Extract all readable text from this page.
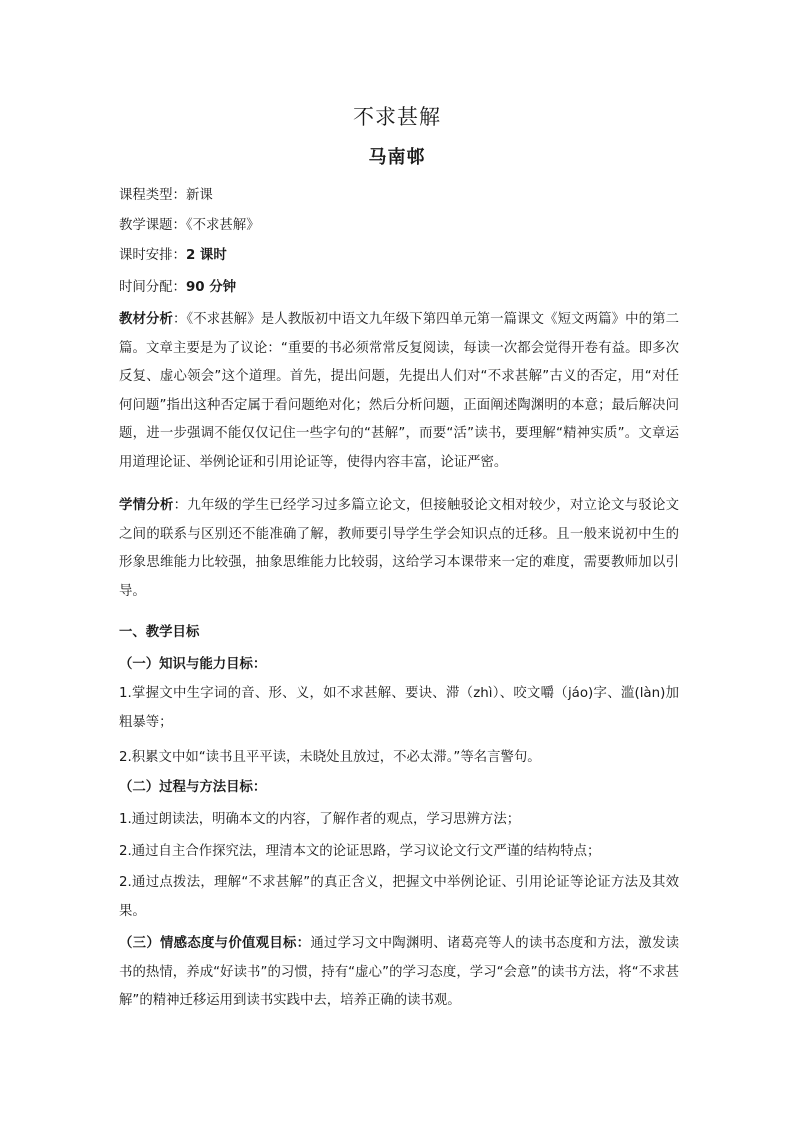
不求甚解
马南邨
课程类型：新课
教学课题：《不求甚解》
课时安排：2 课时
时间分配：90 分钟
教材分析：《不求甚解》是人教版初中语文九年级下第四单元第一篇课文《短文两篇》中的第二篇。文章主要是为了议论：“重要的书必须常常反复阅读，每读一次都会觉得开卷有益。即多次反复、虚心领会”这个道理。首先，提出问题，先提出人们对“不求甚解”古义的否定，用“对任何问题”指出这种否定属于看问题绝对化；然后分析问题，正面阐述陶渊明的本意；最后解决问题，进一步强调不能仅仅记住一些字句的“甚解”，而要“活”读书，要理解“精神实质”。文章运用道理论证、举例论证和引用论证等，使得内容丰富，论证严密。
学情分析：九年级的学生已经学习过多篇立论文，但接触驳论文相对较少，对立论文与驳论文之间的联系与区别还不能准确了解，教师要引导学生学会知识点的迁移。且一般来说初中生的形象思维能力比较强，抽象思维能力比较弱，这给学习本课带来一定的难度，需要教师加以引导。
一、教学目标
（一）知识与能力目标：
1.掌握文中生字词的音、形、义，如不求甚解、要诀、滞（zhì）、咬文嚼（jáo)字、滥(làn)加粗暴等；
2.积累文中如“读书且平平读，未晓处且放过，不必太滞。”等名言警句。
（二）过程与方法目标：
1.通过朗读法，明确本文的内容，了解作者的观点，学习思辨方法；
2.通过自主合作探究法，理清本文的论证思路，学习议论文行文严谨的结构特点；
2.通过点拨法，理解“不求甚解”的真正含义，把握文中举例论证、引用论证等论证方法及其效果。
（三）情感态度与价值观目标：通过学习文中陶渊明、诸葛亮等人的读书态度和方法，激发读书的热情，养成“好读书”的习惯，持有“虚心”的学习态度，学习“会意”的读书方法，将“不求甚解”的精神迁移运用到读书实践中去，培养正确的读书观。
